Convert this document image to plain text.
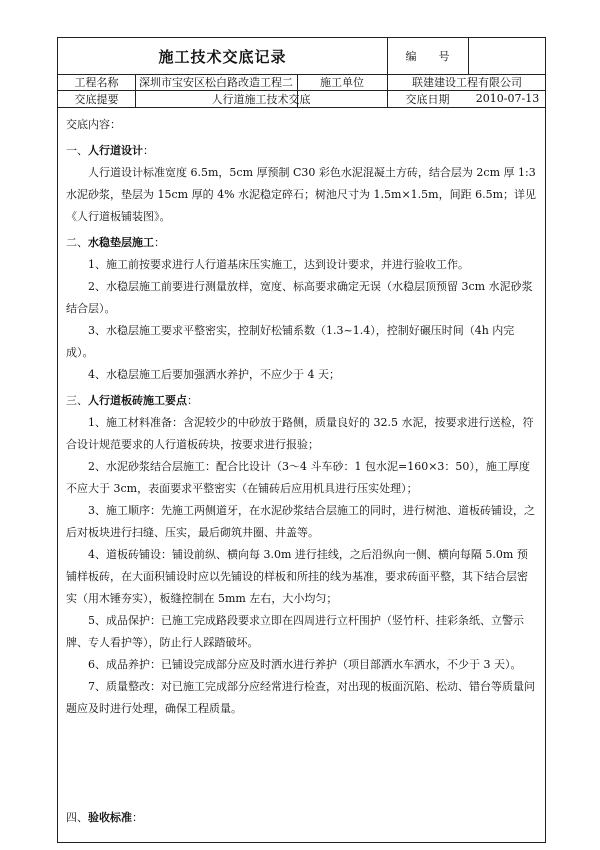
施工技术交底记录	编　　号
工程名称	深圳市宝安区松白路改造工程二	施工单位	联建建设工程有限公司
交底提要	人行道施工技术交底	交底日期	2010-07-13

交底内容：

一、人行道设计：

人行道设计标准宽度 6.5m，5cm 厚预制 C30 彩色水泥混凝土方砖，结合层为 2cm 厚 1:3 水泥砂浆，垫层为 15cm 厚的 4% 水泥稳定碎石；树池尺寸为 1.5m×1.5m，间距 6.5m；详见《人行道板铺装图》。

二、水稳垫层施工：

1、施工前按要求进行人行道基床压实施工，达到设计要求，并进行验收工作。

2、水稳层施工前要进行测量放样，宽度、标高要求确定无误（水稳层顶预留 3cm 水泥砂浆结合层）。

3、水稳层施工要求平整密实，控制好松铺系数（1.3~1.4），控制好碾压时间（4h 内完成）。

4、水稳层施工后要加强洒水养护，不应少于 4 天；

三、人行道板砖施工要点：

1、施工材料准备：含泥较少的中砂放于路侧，质量良好的 32.5 水泥，按要求进行送检，符合设计规范要求的人行道板砖块，按要求进行报验；

2、水泥砂浆结合层施工：配合比设计（3～4 斗车砂：1 包水泥=160×3：50），施工厚度不应大于 3cm，表面要求平整密实（在铺砖后应用机具进行压实处理）；

3、施工顺序：先施工两侧道牙，在水泥砂浆结合层施工的同时，进行树池、道板砖铺设，之后对板块进行扫缝、压实，最后砌筑井圈、井盖等。

4、道板砖铺设：铺设前纵、横向每 3.0m 进行挂线，之后沿纵向一侧、横向每隔 5.0m 预铺样板砖，在大面积铺设时应以先铺设的样板和所挂的线为基准，要求砖面平整，其下结合层密实（用木锤夯实），板缝控制在 5mm 左右，大小均匀；

5、成品保护：已施工完成路段要求立即在四周进行立杆围护（竖竹杆、挂彩条纸、立警示牌、专人看护等），防止行人踩踏破坏。

6、成品养护：已铺设完成部分应及时洒水进行养护（项目部洒水车洒水，不少于 3 天）。

7、质量整改：对已施工完成部分应经常进行检查，对出现的板面沉陷、松动、错台等质量问题应及时进行处理，确保工程质量。

四、验收标准：
